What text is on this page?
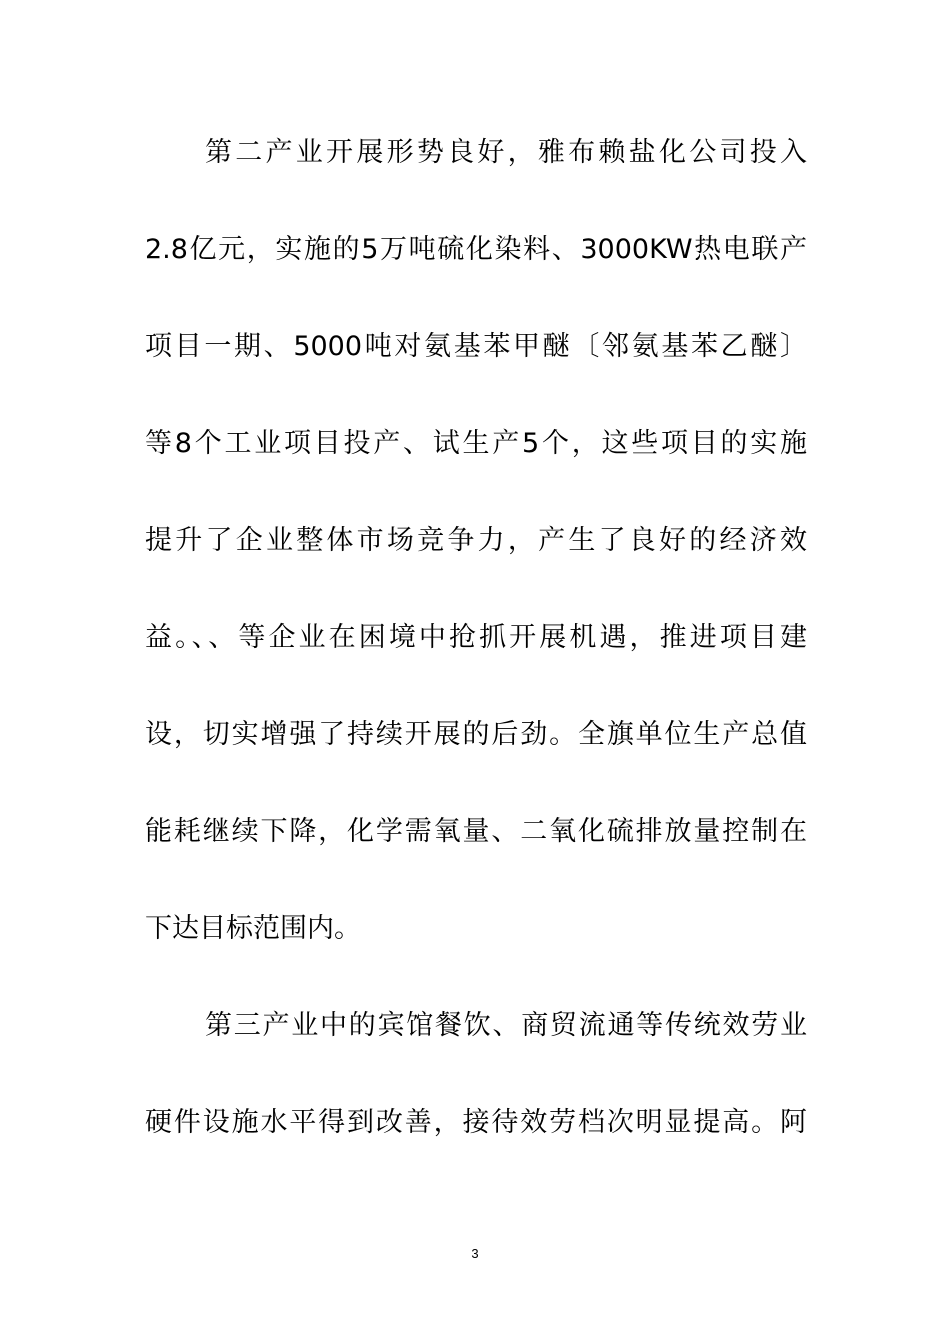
第二产业开展形势良好，雅布赖盐化公司投入
2.8亿元，实施的5万吨硫化染料、3000KW热电联产
项目一期、5000吨对氨基苯甲醚〔邻氨基苯乙醚〕
等8个工业项目投产、试生产5个，这些项目的实施
提升了企业整体市场竞争力，产生了良好的经济效
益。、、等企业在困境中抢抓开展机遇，推进项目建
设，切实增强了持续开展的后劲。全旗单位生产总值
能耗继续下降，化学需氧量、二氧化硫排放量控制在
下达目标范围内。
第三产业中的宾馆餐饮、商贸流通等传统效劳业
硬件设施水平得到改善，接待效劳档次明显提高。阿
3
